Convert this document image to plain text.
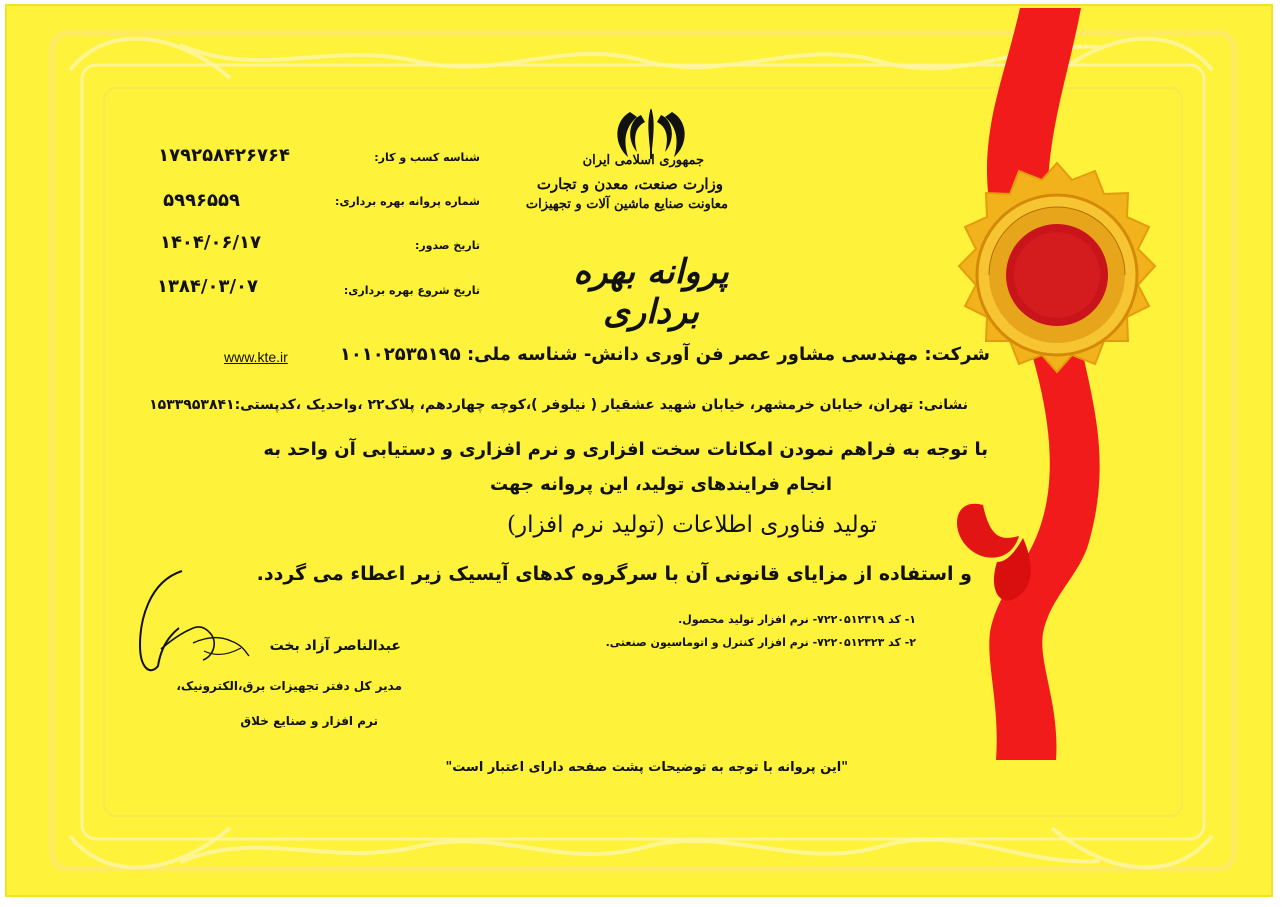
جمهوری اسلامی ایران
وزارت صنعت، معدن و تجارت
معاونت صنایع ماشین آلات و تجهیزات
پروانه بهره برداری
شناسه کسب و کار:
۱۷۹۲۵۸۴۲۶۷۶۴
شماره پروانه بهره برداری:
۵۹۹۶۵۵۹
تاریخ صدور:
۱۴۰۴/۰۶/۱۷
تاریخ شروع بهره برداری:
۱۳۸۴/۰۳/۰۷
شرکت: مهندسی مشاور عصر فن آوری دانش- شناسه ملی: ۱۰۱۰۲۵۳۵۱۹۵
www.kte.ir
نشانی: تهران، خیابان خرمشهر، خیابان شهید عشقیار ( نیلوفر )،کوچه چهاردهم، پلاک۲۲ ،واحدیک ،کدپستی:۱۵۳۳۹۵۳۸۴۱
با توجه به فراهم نمودن امکانات سخت افزاری و نرم افزاری و دستیابی آن واحد به
انجام فرایندهای تولید، این پروانه جهت
تولید فناوری اطلاعات (تولید نرم افزار)
و استفاده از مزایای قانونی آن با سرگروه کدهای آیسیک زیر اعطاء می گردد.
۱- کد ۷۲۲۰۵۱۲۳۱۹- نرم افزار تولید محصول.
۲- کد ۷۲۲۰۵۱۲۳۲۳- نرم افزار کنترل و اتوماسیون صنعتی.
عبدالناصر آزاد بخت
مدیر کل دفتر تجهیزات برق،الکترونیک،
نرم افزار و صنایع خلاق
"این پروانه با توجه به توضیحات پشت صفحه دارای اعتبار است"
